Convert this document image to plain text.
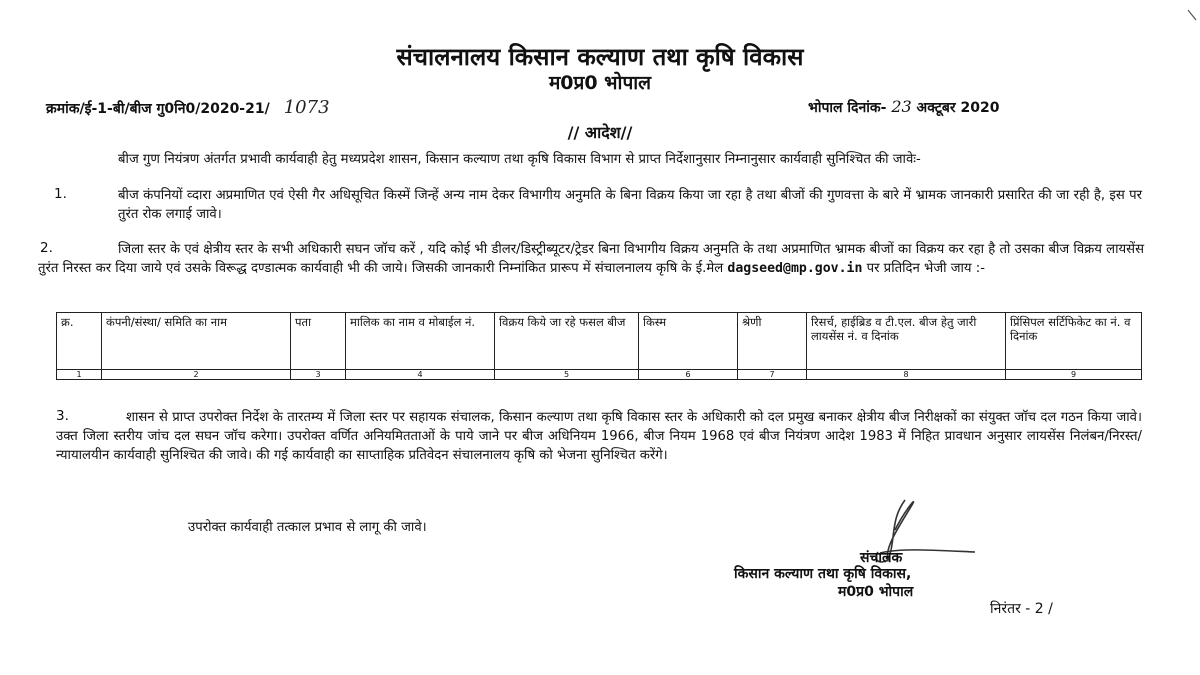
संचालनालय किसान कल्याण तथा कृषि विकास
म0प्र0 भोपाल
क्रमांक/ई-1-बी/बीज गु0नि0/2020-21/ 1073	भोपाल दिनांक- 23 अक्टूबर 2020
// आदेश//
बीज गुण नियंत्रण अंतर्गत प्रभावी कार्यवाही हेतु मध्यप्रदेश शासन, किसान कल्याण तथा कृषि विकास विभाग से प्राप्त निर्देशानुसार निम्नानुसार कार्यवाही सुनिश्चित की जावेः-
1.	बीज कंपनियों व्दारा अप्रमाणित एवं ऐसी गैर अधिसूचित किस्में जिन्हें अन्य नाम देकर विभागीय अनुमति के बिना विक्रय किया जा रहा है तथा बीजों की गुणवत्ता के बारे में भ्रामक जानकारी प्रसारित की जा रही है, इस पर तुरंत रोक लगाई जावे।
2.	जिला स्तर के एवं क्षेत्रीय स्तर के सभी अधिकारी सघन जॉच करें , यदि कोई भी डीलर/डिस्ट्रीब्यूटर/ट्रेडर बिना विभागीय विक्रय अनुमति के तथा अप्रमाणित भ्रामक बीजों का विक्रय कर रहा है तो उसका बीज विक्रय लायसेंस तुरंत निरस्त कर दिया जाये एवं उसके विरूद्ध दण्डात्मक कार्यवाही भी की जाये। जिसकी जानकारी निम्नांकित प्रारूप में संचालनालय कृषि के ई.मेल dagseed@mp.gov.in पर प्रतिदिन भेजी जाय :-
क्र.	कंपनी/संस्था/ समिति का नाम	पता	मालिक का नाम व मोबाईल नं.	विक्रय किये जा रहे फसल बीज	किस्म	श्रेणी	रिसर्च, हाईब्रिड व टी.एल. बीज हेतु जारी लायसेंस नं. व दिनांक	प्रिंसिपल सर्टिफिकेट का नं. व दिनांक
1	2	3	4	5	6	7	8	9
3.	शासन से प्राप्त उपरोक्त निर्देश के तारतम्य में जिला स्तर पर सहायक संचालक, किसान कल्याण तथा कृषि विकास स्तर के अधिकारी को दल प्रमुख बनाकर क्षेत्रीय बीज निरीक्षकों का संयुक्त जॉच दल गठन किया जावे। उक्त जिला स्तरीय जांच दल सघन जॉच करेगा। उपरोक्त वर्णित अनियमितताओं के पाये जाने पर बीज अधिनियम 1966, बीज नियम 1968 एवं बीज नियंत्रण आदेश 1983 में निहित प्रावधान अनुसार लायसेंस निलंबन/निरस्त/न्यायालयीन कार्यवाही सुनिश्चित की जावे। की गई कार्यवाही का साप्ताहिक प्रतिवेदन संचालनालय कृषि को भेजना सुनिश्चित करेंगे।
उपरोक्त कार्यवाही तत्काल प्रभाव से लागू की जावे।
संचालक
किसान कल्याण तथा कृषि विकास,
म0प्र0 भोपाल
निरंतर - 2 /
